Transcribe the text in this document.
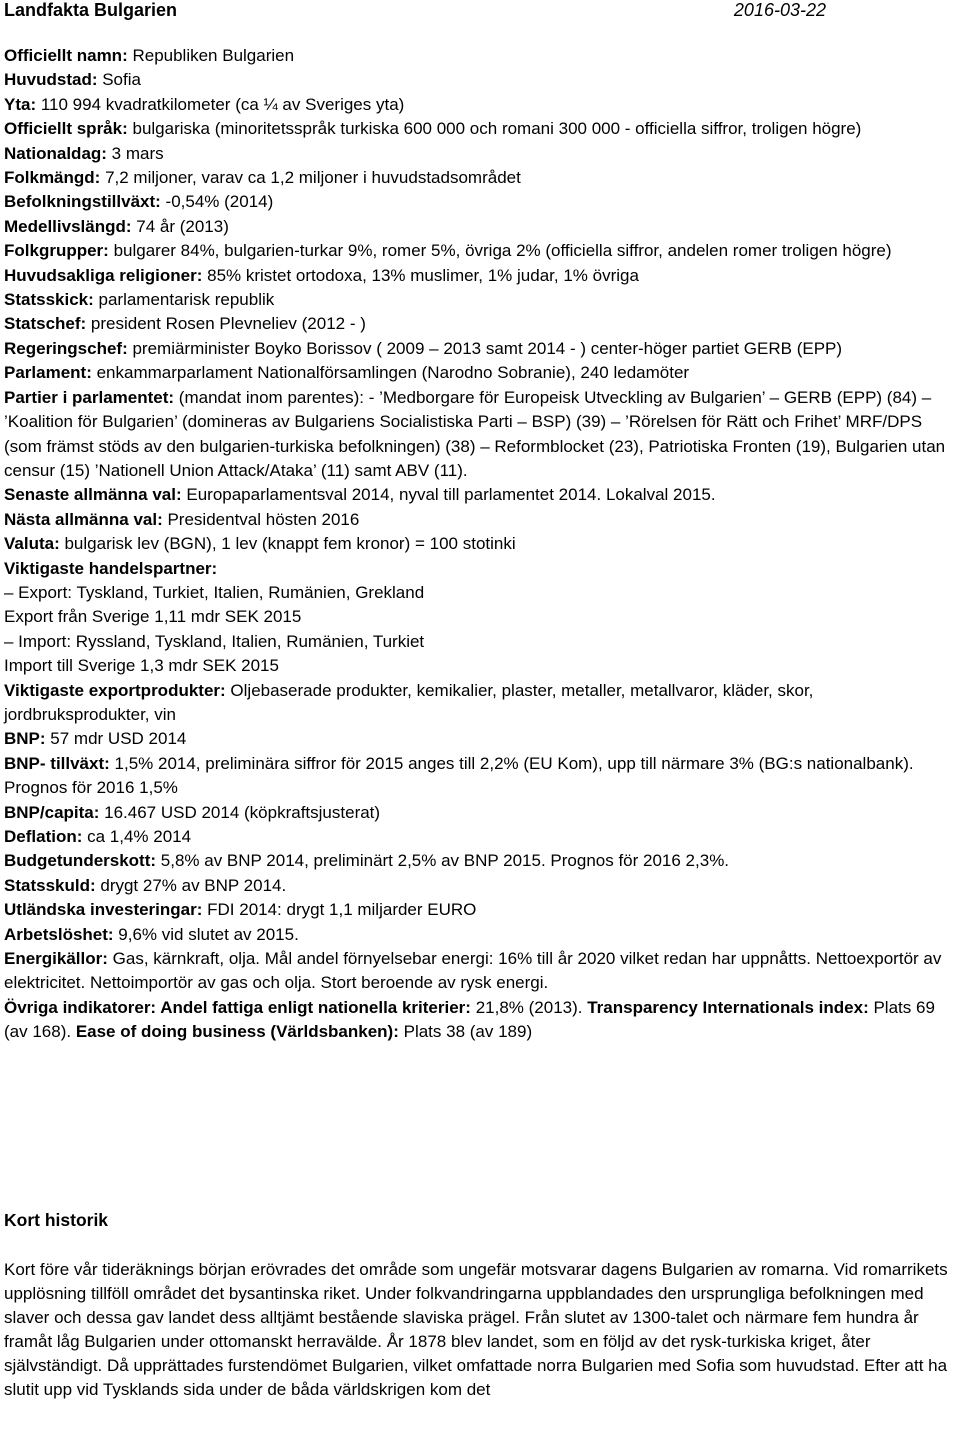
Landfakta Bulgarien	2016-03-22

Officiellt namn: Republiken Bulgarien

Huvudstad: Sofia

Yta: 110 994 kvadratkilometer (ca ¼ av Sveriges yta)

Officiellt språk: bulgariska (minoritetsspråk turkiska 600 000 och romani 300 000 - officiella siffror, troligen högre)

Nationaldag: 3 mars

Folkmängd: 7,2 miljoner, varav ca 1,2 miljoner i huvudstadsområdet

Befolkningstillväxt: -0,54% (2014)

Medellivslängd: 74 år (2013)

Folkgrupper: bulgarer 84%, bulgarien-turkar 9%, romer 5%, övriga 2% (officiella siffror, andelen romer troligen högre)

Huvudsakliga religioner: 85% kristet ortodoxa, 13% muslimer, 1% judar, 1% övriga

Statsskick: parlamentarisk republik

Statschef: president Rosen Plevneliev (2012 - )

Regeringschef: premiärminister Boyko Borissov ( 2009 – 2013 samt 2014 - ) center-höger partiet GERB (EPP)

Parlament: enkammarparlament Nationalförsamlingen (Narodno Sobranie), 240 ledamöter

Partier i parlamentet: (mandat inom parentes): - ’Medborgare för Europeisk Utveckling av Bulgarien’ – GERB (EPP) (84) – ’Koalition för Bulgarien’ (domineras av Bulgariens Socialistiska Parti – BSP) (39) – ’Rörelsen för Rätt och Frihet’ MRF/DPS (som främst stöds av den bulgarien-turkiska befolkningen) (38) – Reformblocket (23), Patriotiska Fronten (19), Bulgarien utan censur (15) ’Nationell Union Attack/Ataka’ (11) samt ABV (11).

Senaste allmänna val: Europaparlamentsval 2014, nyval till parlamentet 2014. Lokalval 2015.

Nästa allmänna val: Presidentval hösten 2016

Valuta: bulgarisk lev (BGN), 1 lev (knappt fem kronor) = 100 stotinki

Viktigaste handelspartner:

– Export: Tyskland, Turkiet, Italien, Rumänien, Grekland

Export från Sverige 1,11 mdr SEK 2015

– Import: Ryssland, Tyskland, Italien, Rumänien, Turkiet

Import till Sverige 1,3 mdr SEK 2015

Viktigaste exportprodukter: Oljebaserade produkter, kemikalier, plaster, metaller, metallvaror, kläder, skor, jordbruksprodukter, vin

BNP: 57 mdr USD 2014

BNP- tillväxt: 1,5% 2014, preliminära siffror för 2015 anges till 2,2% (EU Kom), upp till närmare 3% (BG:s nationalbank). Prognos för 2016 1,5%

BNP/capita: 16.467 USD 2014 (köpkraftsjusterat)

Deflation: ca 1,4% 2014

Budgetunderskott: 5,8% av BNP 2014, preliminärt 2,5% av BNP 2015. Prognos för 2016 2,3%.

Statsskuld: drygt 27% av BNP 2014.

Utländska investeringar: FDI 2014: drygt 1,1 miljarder EURO

Arbetslöshet: 9,6% vid slutet av 2015.

Energikällor: Gas, kärnkraft, olja. Mål andel förnyelsebar energi: 16% till år 2020 vilket redan har uppnåtts. Nettoexportör av elektricitet. Nettoimportör av gas och olja. Stort beroende av rysk energi.

Övriga indikatorer: Andel fattiga enligt nationella kriterier: 21,8% (2013). Transparency Internationals index: Plats 69 (av 168). Ease of doing business (Världsbanken): Plats 38 (av 189)

Kort historik

Kort före vår tideräknings början erövrades det område som ungefär motsvarar dagens Bulgarien av romarna. Vid romarrikets upplösning tillföll området det bysantinska riket. Under folkvandringarna uppblandades den ursprungliga befolkningen med slaver och dessa gav landet dess alltjämt bestående slaviska prägel. Från slutet av 1300-talet och närmare fem hundra år framåt låg Bulgarien under ottomanskt herravälde. År 1878 blev landet, som en följd av det rysk-turkiska kriget, åter självständigt. Då upprättades furstendömet Bulgarien, vilket omfattade norra Bulgarien med Sofia som huvudstad. Efter att ha slutit upp vid Tysklands sida under de båda världskrigen kom det
